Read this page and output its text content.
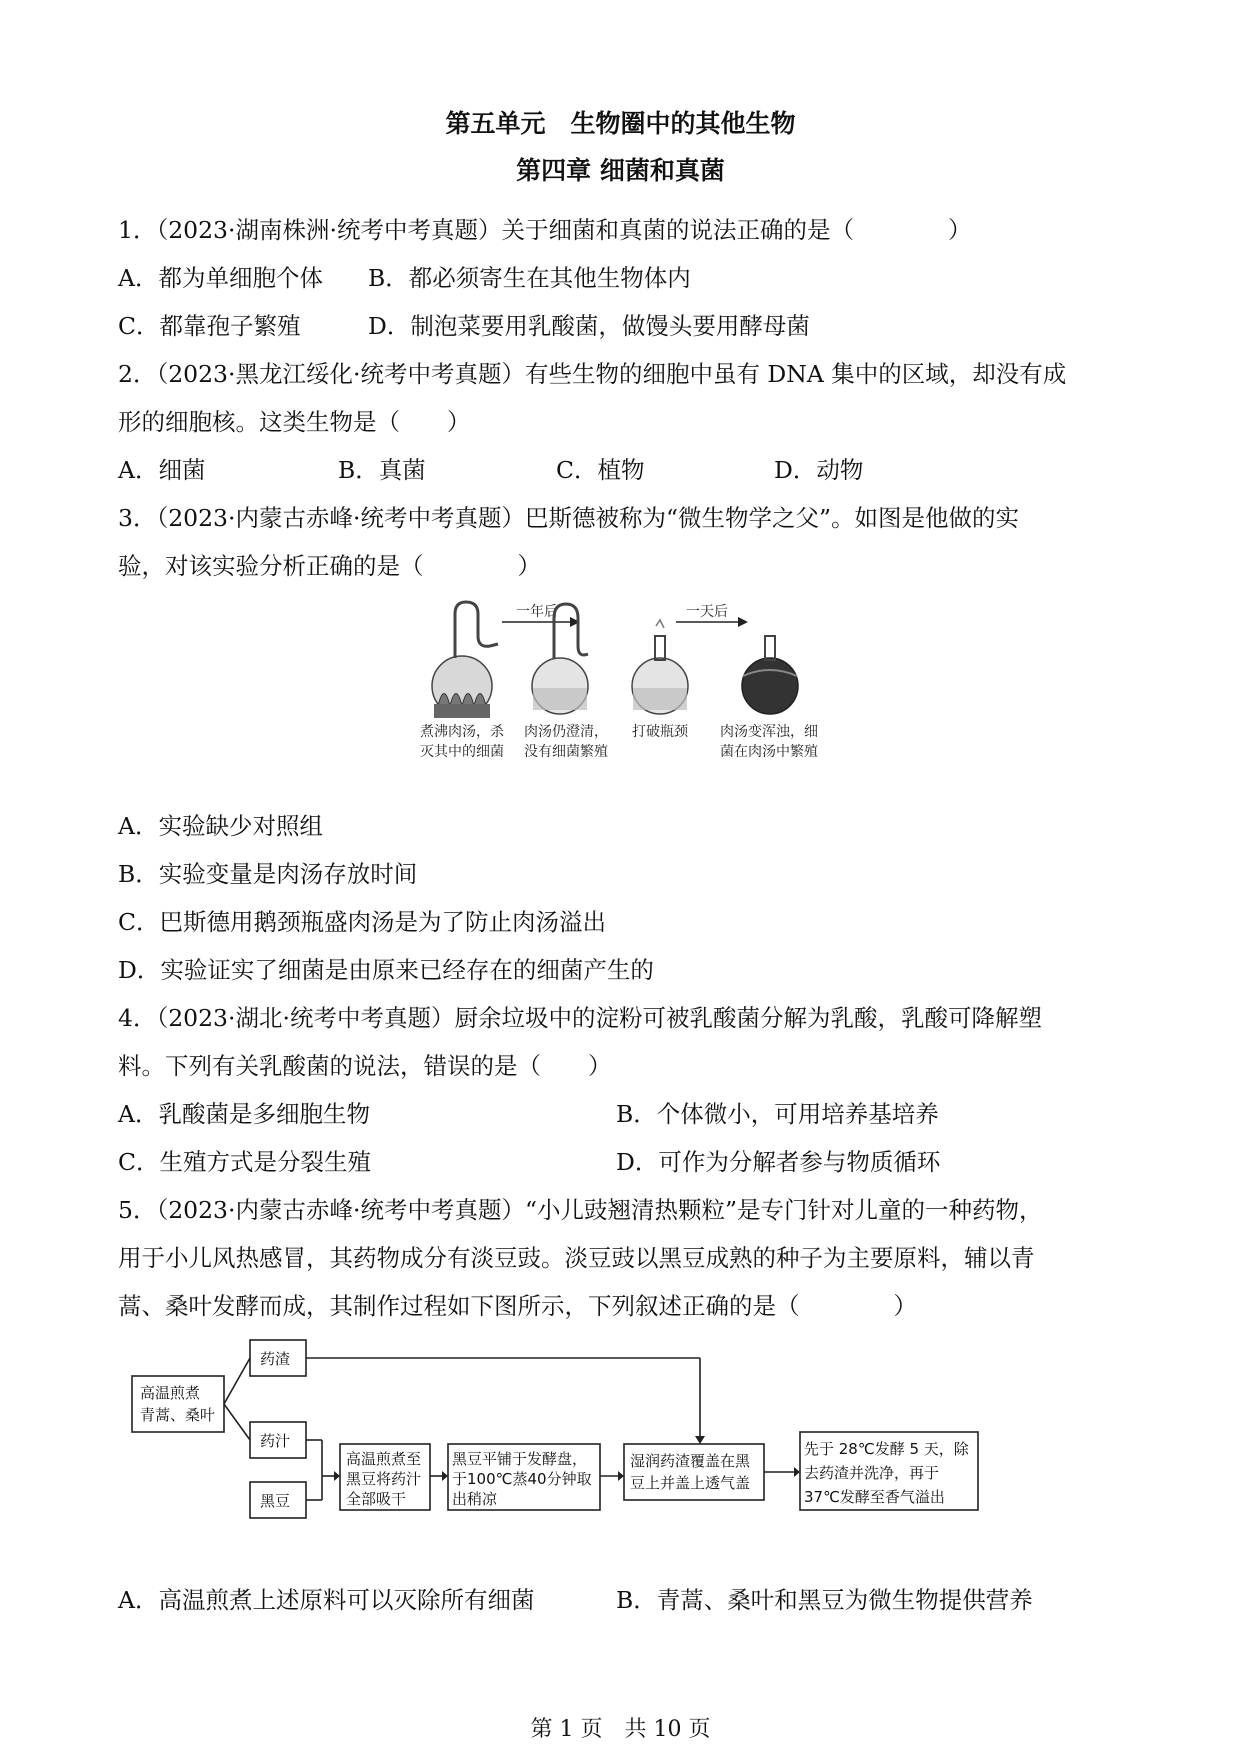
第五单元　生物圈中的其他生物
第四章 细菌和真菌
1．（2023·湖南株洲·统考中考真题）关于细菌和真菌的说法正确的是（　　　　）
A．都为单细胞个体 B．都必须寄生在其他生物体内
C．都靠孢子繁殖	D．制泡菜要用乳酸菌，做馒头要用酵母菌
2．（2023·黑龙江绥化·统考中考真题）有些生物的细胞中虽有 DNA 集中的区域，却没有成
形的细胞核。这类生物是（　　）
A．细菌	B．真菌	C．植物	D．动物
3．（2023·内蒙古赤峰·统考中考真题）巴斯德被称为“微生物学之父”。如图是他做的实
验，对该实验分析正确的是（　　　　）
一年后	一天后
煮沸肉汤，杀
灭其中的细菌
肉汤仍澄清，
没有细菌繁殖
打破瓶颈 肉汤变浑浊，细
菌在肉汤中繁殖
A．实验缺少对照组
B．实验变量是肉汤存放时间
C．巴斯德用鹅颈瓶盛肉汤是为了防止肉汤溢出
D．实验证实了细菌是由原来已经存在的细菌产生的
4．（2023·湖北·统考中考真题）厨余垃圾中的淀粉可被乳酸菌分解为乳酸，乳酸可降解塑
料。下列有关乳酸菌的说法，错误的是（　　）
A．乳酸菌是多细胞生物	B．个体微小，可用培养基培养
C．生殖方式是分裂生殖	D．可作为分解者参与物质循环
5．（2023·内蒙古赤峰·统考中考真题）“小儿豉翘清热颗粒”是专门针对儿童的一种药物，
用于小儿风热感冒，其药物成分有淡豆豉。淡豆豉以黑豆成熟的种子为主要原料，辅以青
蒿、桑叶发酵而成，其制作过程如下图所示，下列叙述正确的是（　　　　）
高温煎煮
青蒿、桑叶
药渣
药汁
黑豆
高温煎煮至
黑豆将药汁
全部吸干
黑豆平铺于发酵盘，
于100℃蒸40分钟取
出稍凉
湿润药渣覆盖在黑
豆上并盖上透气盖
先于 28℃发酵 5 天，除
去药渣并洗净，再于
37℃发酵至香气溢出
A．高温煎煮上述原料可以灭除所有细菌	B．青蒿、桑叶和黑豆为微生物提供营养
第 1 页　共 10 页
